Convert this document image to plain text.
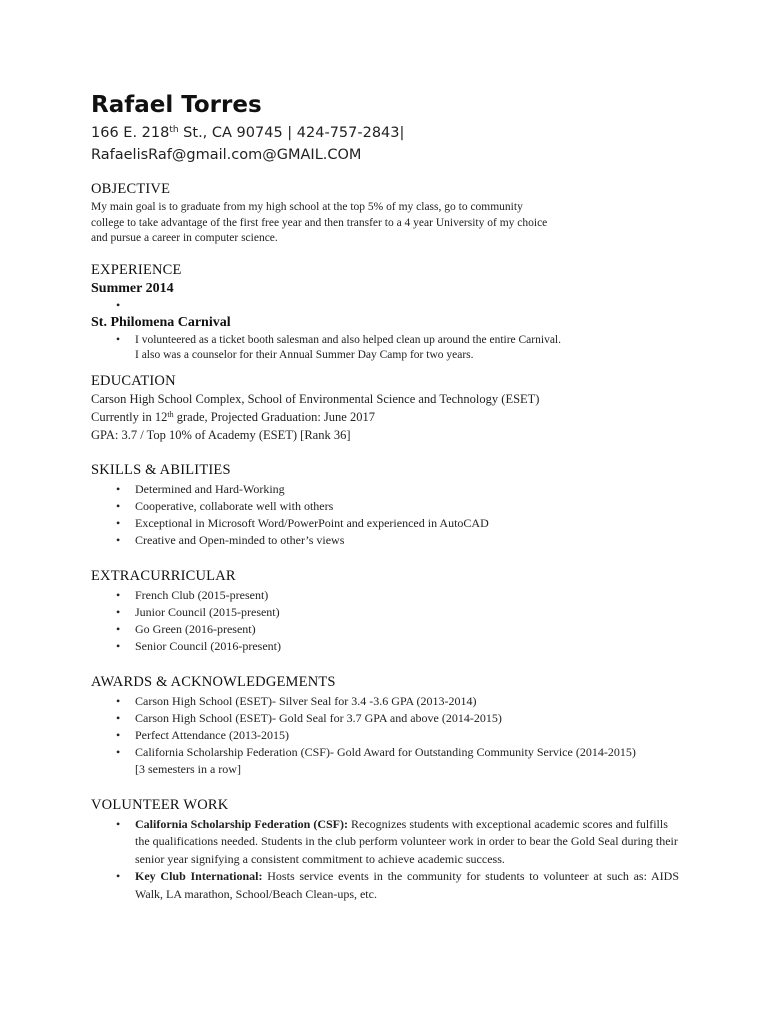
Rafael Torres
166 E. 218th St., CA 90745 | 424-757-2843|
RafaelisRaf@gmail.com@GMAIL.COM
OBJECTIVE
My main goal is to graduate from my high school at the top 5% of my class, go to community
college to take advantage of the first free year and then transfer to a 4 year University of my choice
and pursue a career in computer science.
EXPERIENCE
Summer 2014
•
St. Philomena Carnival
• I volunteered as a ticket booth salesman and also helped clean up around the entire Carnival.
I also was a counselor for their Annual Summer Day Camp for two years.
EDUCATION
Carson High School Complex, School of Environmental Science and Technology (ESET)
Currently in 12th grade, Projected Graduation: June 2017
GPA: 3.7 / Top 10% of Academy (ESET) [Rank 36]
SKILLS & ABILITIES
• Determined and Hard-Working
• Cooperative, collaborate well with others
• Exceptional in Microsoft Word/PowerPoint and experienced in AutoCAD
• Creative and Open-minded to other’s views
EXTRACURRICULAR
• French Club (2015-present)
• Junior Council (2015-present)
• Go Green (2016-present)
• Senior Council (2016-present)
AWARDS & ACKNOWLEDGEMENTS
• Carson High School (ESET)- Silver Seal for 3.4 -3.6 GPA (2013-2014)
• Carson High School (ESET)- Gold Seal for 3.7 GPA and above (2014-2015)
• Perfect Attendance (2013-2015)
• California Scholarship Federation (CSF)- Gold Award for Outstanding Community Service (2014-2015)
[3 semesters in a row]
VOLUNTEER WORK
• California Scholarship Federation (CSF): Recognizes students with exceptional academic scores and fulfills the qualifications needed. Students in the club perform volunteer work in order to bear the Gold Seal during their senior year signifying a consistent commitment to achieve academic success.
• Key Club International: Hosts service events in the community for students to volunteer at such as: AIDS Walk, LA marathon, School/Beach Clean-ups, etc.
